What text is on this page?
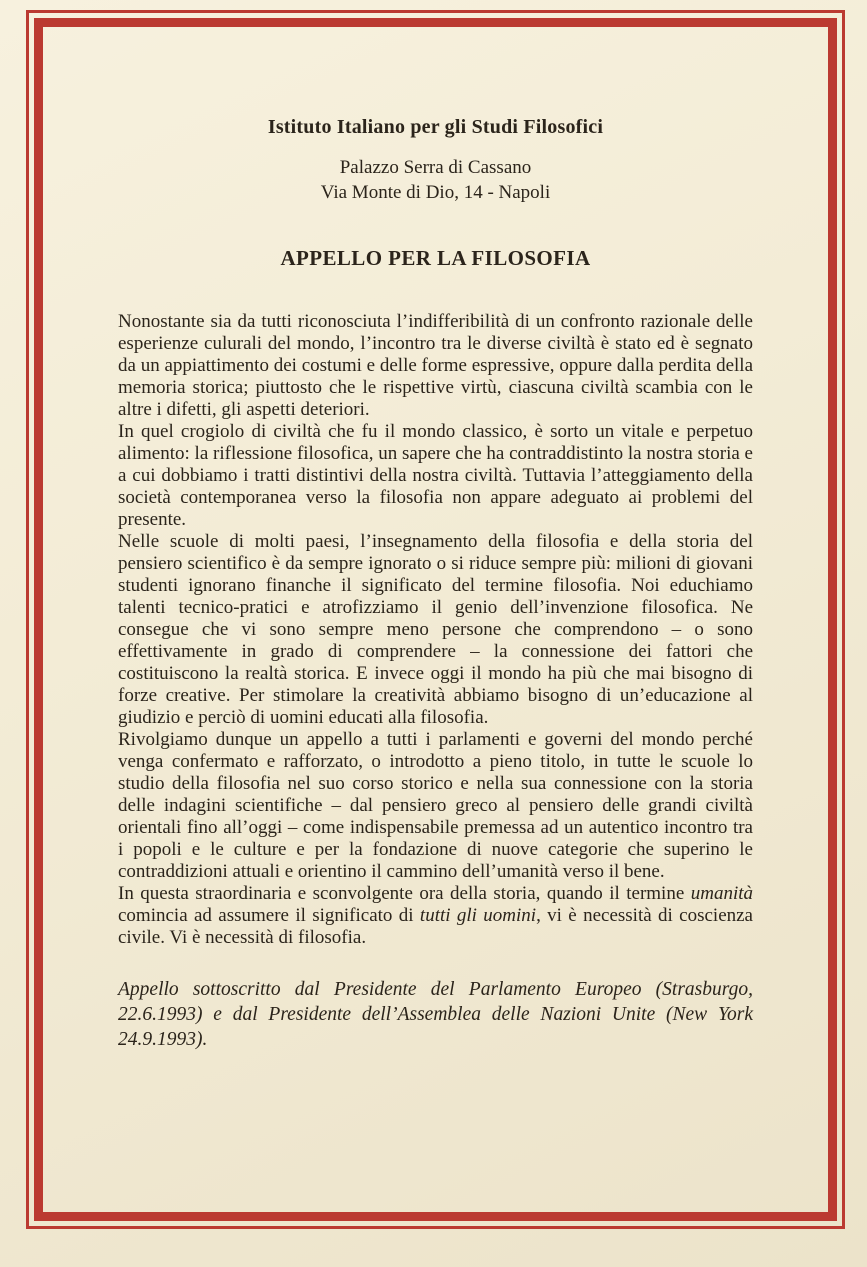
Istituto Italiano per gli Studi Filosofici

Palazzo Serra di Cassano
Via Monte di Dio, 14 - Napoli

APPELLO PER LA FILOSOFIA

Nonostante sia da tutti riconosciuta l’indifferibilità di un confronto razionale delle esperienze culurali del mondo, l’incontro tra le diverse civiltà è stato ed è segnato da un appiattimento dei costumi e delle forme espressive, oppure dalla perdita della memoria storica; piuttosto che le rispettive virtù, ciascuna civiltà scambia con le altre i difetti, gli aspetti deteriori.

In quel crogiolo di civiltà che fu il mondo classico, è sorto un vitale e perpetuo alimento: la riflessione filosofica, un sapere che ha contraddistinto la nostra storia e a cui dobbiamo i tratti distintivi della nostra civiltà. Tuttavia l’atteggiamento della società contemporanea verso la filosofia non appare adeguato ai problemi del presente.

Nelle scuole di molti paesi, l’insegnamento della filosofia e della storia del pensiero scientifico è da sempre ignorato o si riduce sempre più: milioni di giovani studenti ignorano finanche il significato del termine filosofia. Noi educhiamo talenti tecnico-pratici e atrofizziamo il genio dell’invenzione filosofica. Ne consegue che vi sono sempre meno persone che comprendono – o sono effettivamente in grado di comprendere – la connessione dei fattori che costituiscono la realtà storica. E invece oggi il mondo ha più che mai bisogno di forze creative. Per stimolare la creatività abbiamo bisogno di un’educazione al giudizio e perciò di uomini educati alla filosofia.

Rivolgiamo dunque un appello a tutti i parlamenti e governi del mondo perché venga confermato e rafforzato, o introdotto a pieno titolo, in tutte le scuole lo studio della filosofia nel suo corso storico e nella sua connessione con la storia delle indagini scientifiche – dal pensiero greco al pensiero delle grandi civiltà orientali fino all’oggi – come indispensabile premessa ad un autentico incontro tra i popoli e le culture e per la fondazione di nuove categorie che superino le contraddizioni attuali e orientino il cammino dell’umanità verso il bene.

In questa straordinaria e sconvolgente ora della storia, quando il termine umanità comincia ad assumere il significato di tutti gli uomini, vi è necessità di coscienza civile. Vi è necessità di filosofia.

Appello sottoscritto dal Presidente del Parlamento Europeo (Strasburgo, 22.6.1993) e dal Presidente dell’Assemblea delle Nazioni Unite (New York 24.9.1993).
